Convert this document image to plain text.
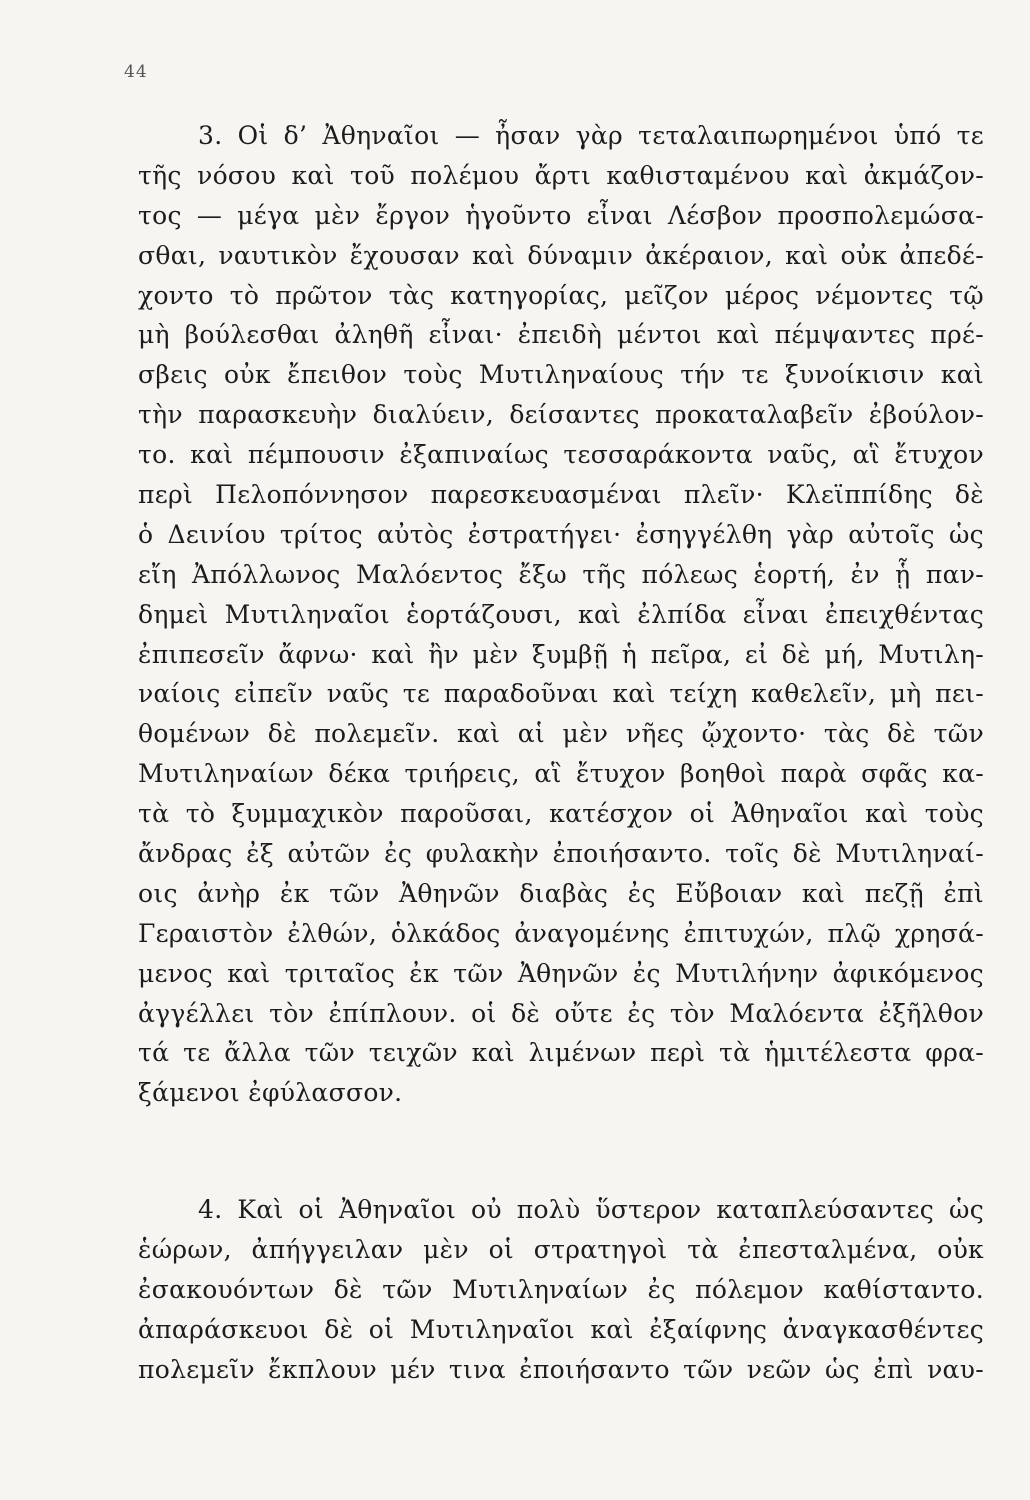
44
3. Οἱ δ’ Ἀθηναῖοι — ἦσαν γὰρ τεταλαιπωρημένοι ὑπό τε
τῆς νόσου καὶ τοῦ πολέμου ἄρτι καθισταμένου καὶ ἀκμάζον-
τος — μέγα μὲν ἔργον ἡγοῦντο εἶναι Λέσβον προσπολεμώσα-
σθαι, ναυτικὸν ἔχουσαν καὶ δύναμιν ἀκέραιον, καὶ οὐκ ἀπεδέ-
χοντο τὸ πρῶτον τὰς κατηγορίας, μεῖζον μέρος νέμοντες τῷ
μὴ βούλεσθαι ἀληθῆ εἶναι· ἐπειδὴ μέντοι καὶ πέμψαντες πρέ-
σβεις οὐκ ἔπειθον τοὺς Μυτιληναίους τήν τε ξυνοίκισιν καὶ
τὴν παρασκευὴν διαλύειν, δείσαντες προκαταλαβεῖν ἐβούλον-
το. καὶ πέμπουσιν ἐξαπιναίως τεσσαράκοντα ναῦς, αἳ ἔτυχον
περὶ Πελοπόννησον παρεσκευασμέναι πλεῖν· Κλεϊππίδης δὲ
ὁ Δεινίου τρίτος αὐτὸς ἐστρατήγει· ἐσηγγέλθη γὰρ αὐτοῖς ὡς
εἴη Ἀπόλλωνος Μαλόεντος ἔξω τῆς πόλεως ἑορτή, ἐν ᾗ παν-
δημεὶ Μυτιληναῖοι ἑορτάζουσι, καὶ ἐλπίδα εἶναι ἐπειχθέντας
ἐπιπεσεῖν ἄφνω· καὶ ἢν μὲν ξυμβῇ ἡ πεῖρα, εἰ δὲ μή, Μυτιλη-
ναίοις εἰπεῖν ναῦς τε παραδοῦναι καὶ τείχη καθελεῖν, μὴ πει-
θομένων δὲ πολεμεῖν. καὶ αἱ μὲν νῆες ᾤχοντο· τὰς δὲ τῶν
Μυτιληναίων δέκα τριήρεις, αἳ ἔτυχον βοηθοὶ παρὰ σφᾶς κα-
τὰ τὸ ξυμμαχικὸν παροῦσαι, κατέσχον οἱ Ἀθηναῖοι καὶ τοὺς
ἄνδρας ἐξ αὐτῶν ἐς φυλακὴν ἐποιήσαντο. τοῖς δὲ Μυτιληναί-
οις ἀνὴρ ἐκ τῶν Ἀθηνῶν διαβὰς ἐς Εὔβοιαν καὶ πεζῇ ἐπὶ
Γεραιστὸν ἐλθών, ὁλκάδος ἀναγομένης ἐπιτυχών, πλῷ χρησά-
μενος καὶ τριταῖος ἐκ τῶν Ἀθηνῶν ἐς Μυτιλήνην ἀφικόμενος
ἀγγέλλει τὸν ἐπίπλουν. οἱ δὲ οὔτε ἐς τὸν Μαλόεντα ἐξῆλθον
τά τε ἄλλα τῶν τειχῶν καὶ λιμένων περὶ τὰ ἡμιτέλεστα φρα-
ξάμενοι ἐφύλασσον.
4. Καὶ οἱ Ἀθηναῖοι οὐ πολὺ ὕστερον καταπλεύσαντες ὡς
ἑώρων, ἀπήγγειλαν μὲν οἱ στρατηγοὶ τὰ ἐπεσταλμένα, οὐκ
ἐσακουόντων δὲ τῶν Μυτιληναίων ἐς πόλεμον καθίσταντο.
ἀπαράσκευοι δὲ οἱ Μυτιληναῖοι καὶ ἐξαίφνης ἀναγκασθέντες
πολεμεῖν ἔκπλουν μέν τινα ἐποιήσαντο τῶν νεῶν ὡς ἐπὶ ναυ-
